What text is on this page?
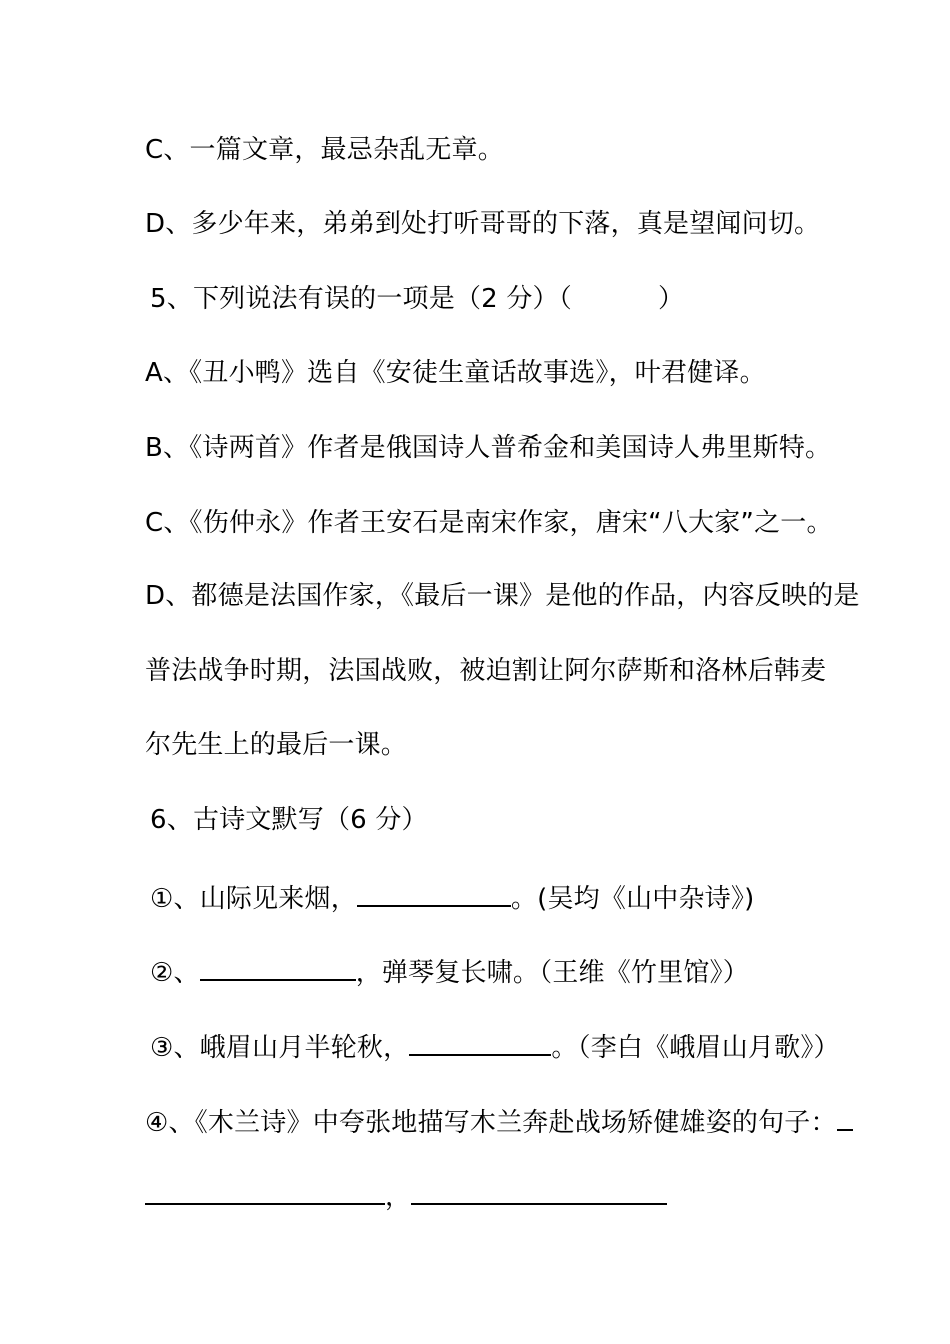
C、一篇文章，最忌杂乱无章。
D、多少年来，弟弟到处打听哥哥的下落，真是望闻问切。
5、下列说法有误的一项是（2 分）（	）
A、《丑小鸭》选自《安徒生童话故事选》，叶君健译。
B、《诗两首》作者是俄国诗人普希金和美国诗人弗里斯特。
C、《伤仲永》作者王安石是南宋作家，唐宋“八大家”之一。
D、都德是法国作家，《最后一课》是他的作品，内容反映的是
普法战争时期，法国战败，被迫割让阿尔萨斯和洛林后韩麦
尔先生上的最后一课。
6、古诗文默写（6 分）
①、山际见来烟，	。(吴均《山中杂诗》)
②、	，弹琴复长啸。（王维《竹里馆》）
③、峨眉山月半轮秋，	。（李白《峨眉山月歌》）
④、《木兰诗》中夸张地描写木兰奔赴战场矫健雄姿的句子：
，
